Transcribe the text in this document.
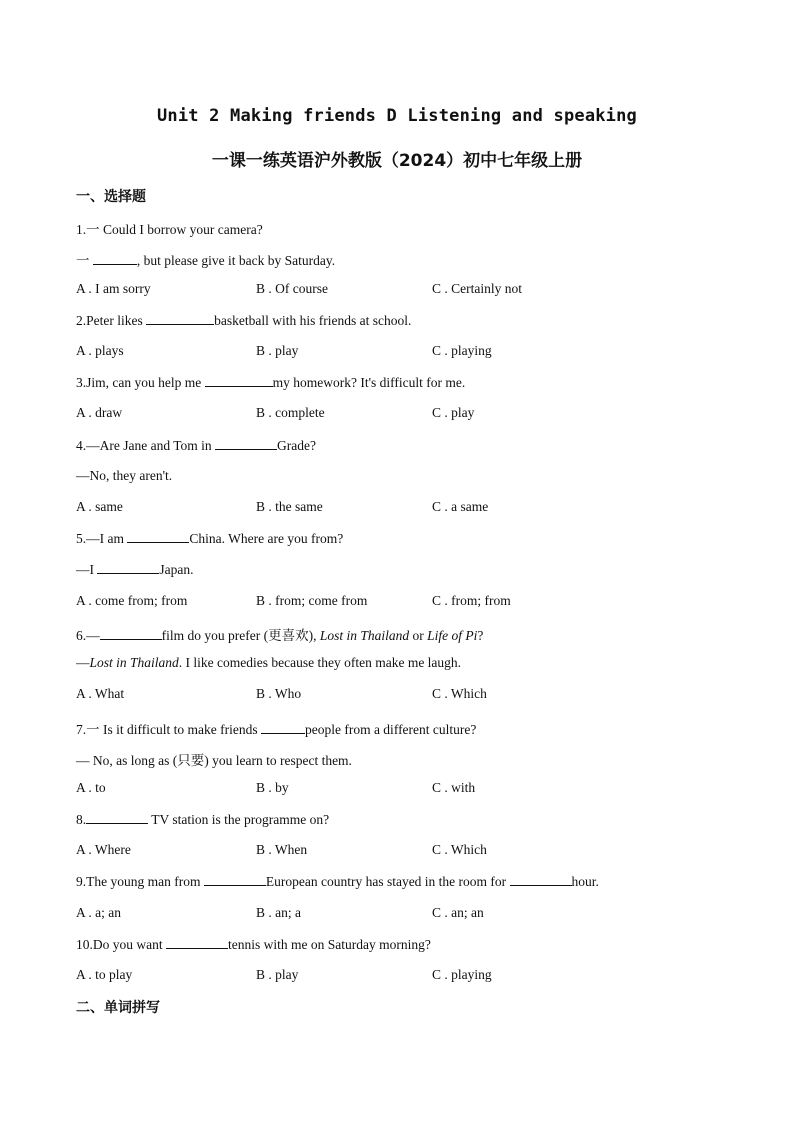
Unit 2 Making friends D Listening and speaking
一课一练英语沪外教版（2024）初中七年级上册
一、选择题
1.一 Could I borrow your camera?
一	, but please give it back by Saturday.
A . I am sorry	B . Of course	C . Certainly not
2.Peter likes	basketball with his friends at school.
A . plays	B . play	C . playing
3.Jim, can you help me	my homework? It's difficult for me.
A . draw	B . complete	C . play
4.—Are Jane and Tom in	Grade?
—No, they aren't.
A . same	B . the same	C . a same
5.—I am	China. Where are you from?
—I	Japan.
A . come from; from	B . from; come from	C . from; from
6.—	film do you prefer (更喜欢), Lost in Thailand or Life of Pi?
—Lost in Thailand. I like comedies because they often make me laugh.
A . What	B . Who	C . Which
7.一 Is it difficult to make friends	people from a different culture?
— No, as long as (只要) you learn to respect them.
A . to	B . by	C . with
8.	TV station is the programme on?
A . Where	B . When	C . Which
9.The young man from	European country has stayed in the room for	hour.
A . a; an	B . an; a	C . an; an
10.Do you want	tennis with me on Saturday morning?
A . to play	B . play	C . playing
二、单词拼写
